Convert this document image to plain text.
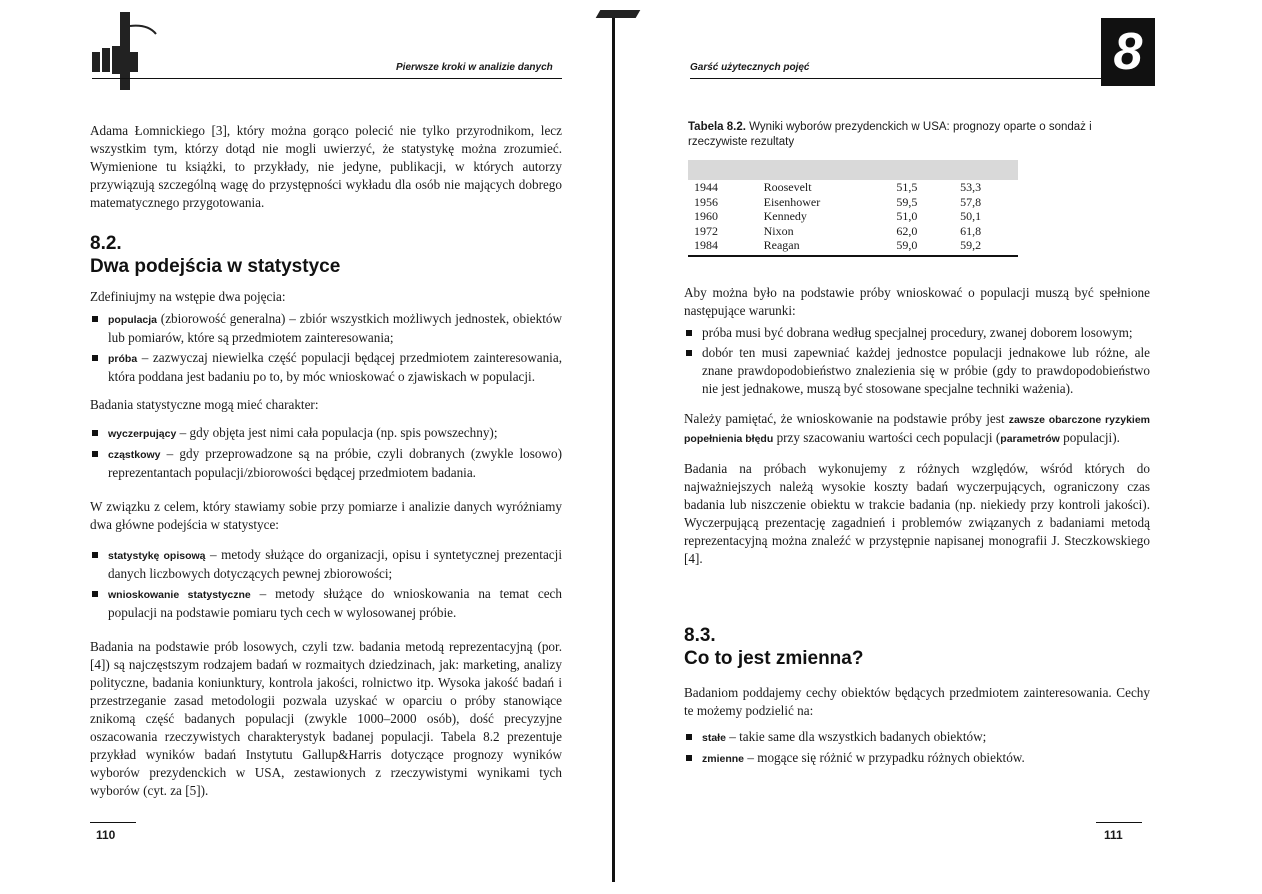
Pierwsze kroki w analizie danych

Adama Łomnickiego [3], który można gorąco polecić nie tylko przyrodnikom, lecz wszystkim tym, którzy dotąd nie mogli uwierzyć, że statystykę można zrozumieć. Wymienione tu książki, to przykłady, nie jedyne, publikacji, w których autorzy przywiązują szczególną wagę do przystępności wykładu dla osób nie mających dobrego matematycznego przygotowania.

8.2.
Dwa podejścia w statystyce

Zdefiniujmy na wstępie dwa pojęcia:

populacja (zbiorowość generalna) – zbiór wszystkich możliwych jednostek, obiektów lub pomiarów, które są przedmiotem zainteresowania;
próba – zazwyczaj niewielka część populacji będącej przedmiotem zainteresowania, która poddana jest badaniu po to, by móc wnioskować o zjawiskach w populacji.

Badania statystyczne mogą mieć charakter:

wyczerpujący – gdy objęta jest nimi cała populacja (np. spis powszechny);
cząstkowy – gdy przeprowadzone są na próbie, czyli dobranych (zwykle losowo) reprezentantach populacji/zbiorowości będącej przedmiotem badania.

W związku z celem, który stawiamy sobie przy pomiarze i analizie danych wyróżniamy dwa główne podejścia w statystyce:

statystykę opisową – metody służące do organizacji, opisu i syntetycznej prezentacji danych liczbowych dotyczących pewnej zbiorowości;
wnioskowanie statystyczne – metody służące do wnioskowania na temat cech populacji na podstawie pomiaru tych cech w wylosowanej próbie.

Badania na podstawie prób losowych, czyli tzw. badania metodą reprezentacyjną (por. [4]) są najczęstszym rodzajem badań w rozmaitych dziedzinach, jak: marketing, analizy polityczne, badania koniunktury, kontrola jakości, rolnictwo itp. Wysoka jakość badań i przestrzeganie zasad metodologii pozwala uzyskać w oparciu o próby stanowiące znikomą część badanych populacji (zwykle 1000–2000 osób), dość precyzyjne oszacowania rzeczywistych charakterystyk badanej populacji. Tabela 8.2 prezentuje przykład wyników badań Instytutu Gallup&Harris dotyczące prognozy wyników wyborów prezydenckich w USA, zestawionych z rzeczywistymi wynikami tych wyborów (cyt. za [5]).

110
Garść użytecznych pojęć	8
Tabela 8.2. Wyniki wyborów prezydenckich w USA: prognozy oparte o sondaż i rzeczywiste rezultaty

1944	Roosevelt	51,5	53,3
1956	Eisenhower	59,5	57,8
1960	Kennedy	51,0	50,1
1972	Nixon	62,0	61,8
1984	Reagan	59,0	59,2

Aby można było na podstawie próby wnioskować o populacji muszą być spełnione następujące warunki:

próba musi być dobrana według specjalnej procedury, zwanej doborem losowym;
dobór ten musi zapewniać każdej jednostce populacji jednakowe lub różne, ale znane prawdopodobieństwo znalezienia się w próbie (gdy to prawdopodobieństwo nie jest jednakowe, muszą być stosowane specjalne techniki ważenia).

Należy pamiętać, że wnioskowanie na podstawie próby jest zawsze obarczone ryzykiem popełnienia błędu przy szacowaniu wartości cech populacji (parametrów populacji).

Badania na próbach wykonujemy z różnych względów, wśród których do najważniejszych należą wysokie koszty badań wyczerpujących, ograniczony czas badania lub niszczenie obiektu w trakcie badania (np. niekiedy przy kontroli jakości). Wyczerpującą prezentację zagadnień i problemów związanych z badaniami metodą reprezentacyjną można znaleźć w przystępnie napisanej monografii J. Steczkowskiego [4].

8.3.
Co to jest zmienna?

Badaniom poddajemy cechy obiektów będących przedmiotem zainteresowania. Cechy te możemy podzielić na:

stałe – takie same dla wszystkich badanych obiektów;
zmienne – mogące się różnić w przypadku różnych obiektów.
111
